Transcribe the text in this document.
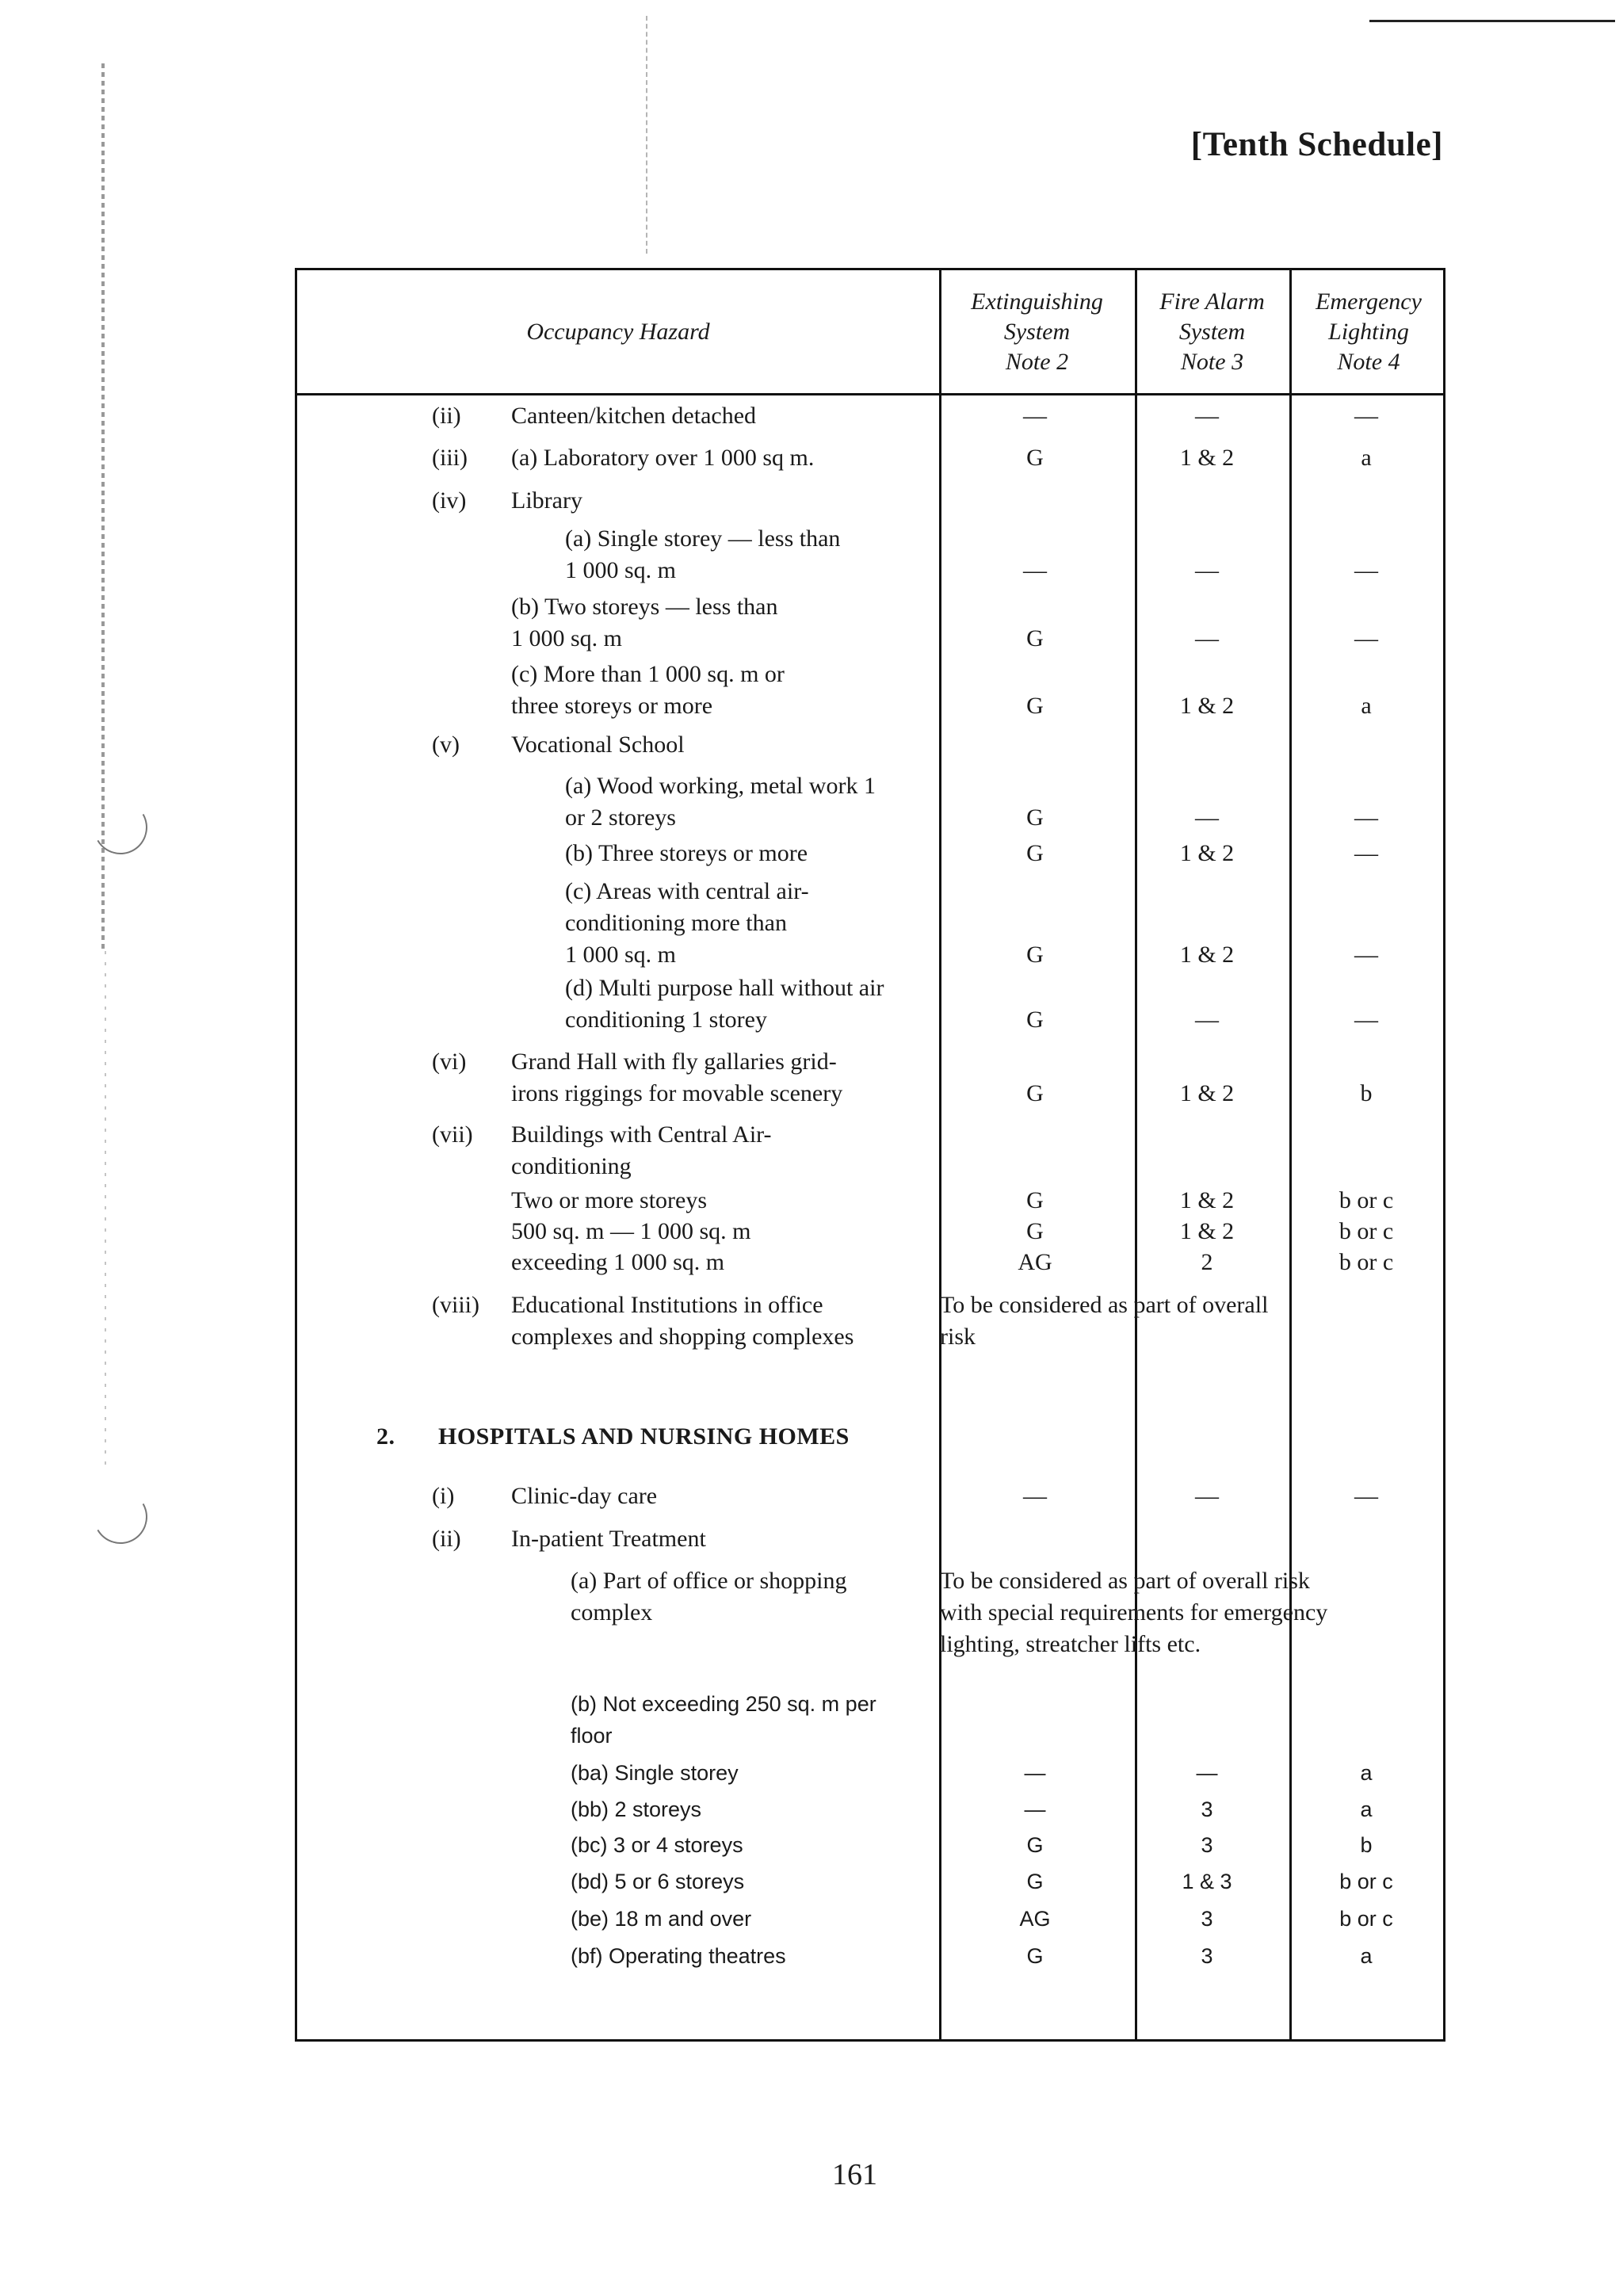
[Tenth Schedule]
Occupancy Hazard
Extinguishing
System
Note 2
Fire Alarm
System
Note 3
Emergency
Lighting
Note 4
(ii) Canteen/kitchen detached	—	—	—
(iii) (a) Laboratory over 1 000 sq m.	G	1 & 2	a
(iv) Library
(a) Single storey — less than
1 000 sq. m	—	—	—
(b) Two storeys — less than
1 000 sq. m	G	—	—
(c) More than 1 000 sq. m or
three storeys or more	G	1 & 2	a
(v) Vocational School
(a) Wood working, metal work 1
or 2 storeys	G	—	—
(b) Three storeys or more	G	1 & 2	—
(c) Areas with central air-
conditioning more than
1 000 sq. m	G	1 & 2	—
(d) Multi purpose hall without air
conditioning 1 storey	G	—	—
(vi) Grand Hall with fly gallaries grid-
irons riggings for movable scenery	G	1 & 2	b
(vii) Buildings with Central Air-
conditioning
Two or more storeys	G	1 & 2	b or c
500 sq. m — 1 000 sq. m	G	1 & 2	b or c
exceeding 1 000 sq. m	AG	2	b or c
(viii) Educational Institutions in office
complexes and shopping complexes
To be considered as part of overall
risk
2. HOSPITALS AND NURSING HOMES
(i) Clinic-day care	—	—	—
(ii) In-patient Treatment
(a) Part of office or shopping
complex
To be considered as part of overall risk
with special requirements for emergency
lighting, streatcher lifts etc.
(b) Not exceeding 250 sq. m per
floor
(ba) Single storey	—	—	a
(bb) 2 storeys	—	3	a
(bc) 3 or 4 storeys	G	3	b
(bd) 5 or 6 storeys	G	1 & 3	b or c
(be) 18 m and over	AG	3	b or c
(bf) Operating theatres	G	3	a
161
